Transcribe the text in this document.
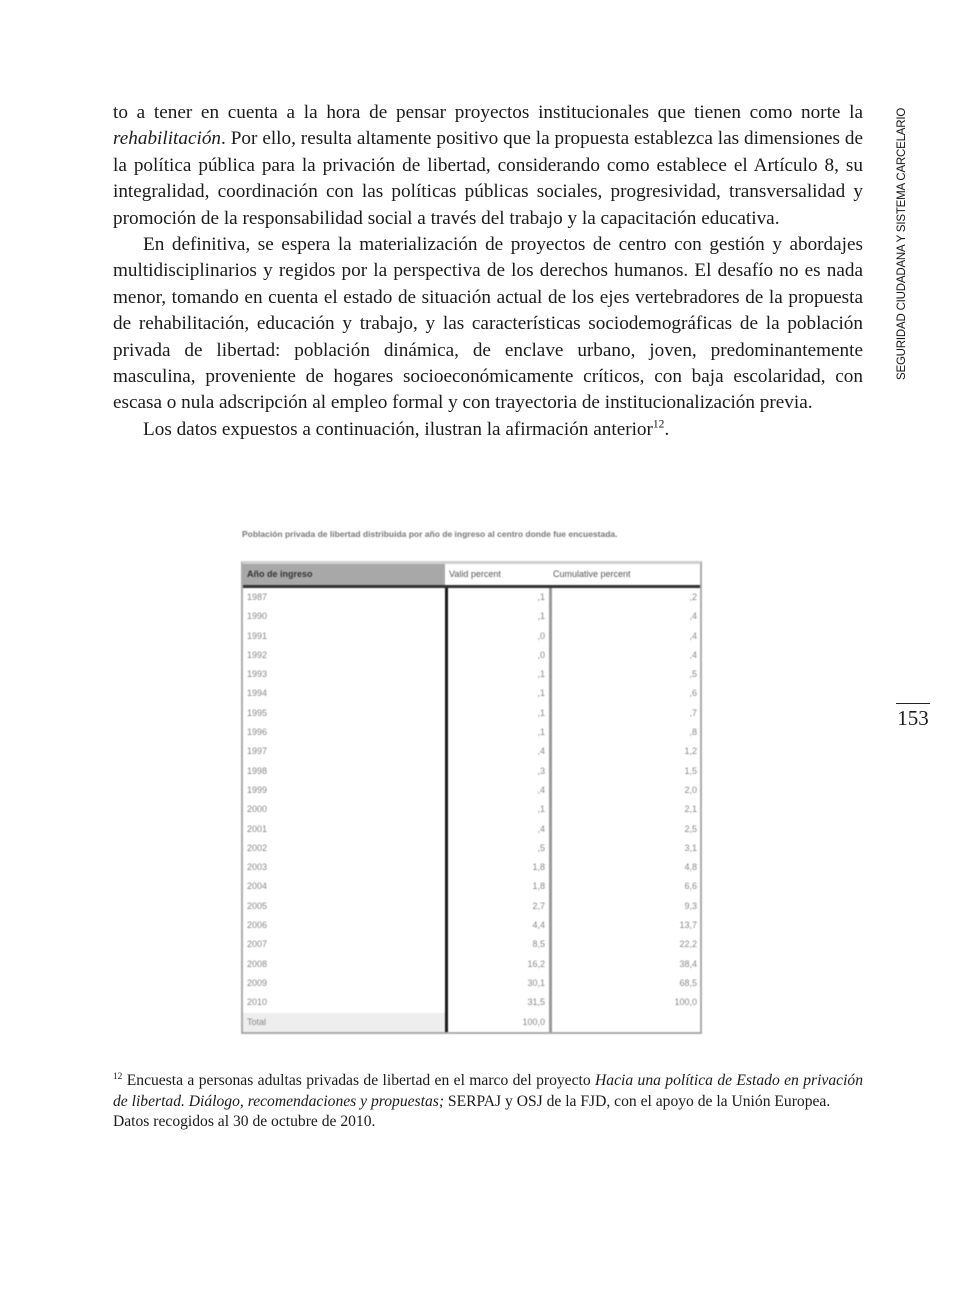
SEGURIDAD CIUDADANA Y SISTEMA CARCELARIO
153

to a tener en cuenta a la hora de pensar proyectos institucionales que tienen como norte la rehabilitación. Por ello, resulta altamente positivo que la propuesta establezca las dimensiones de la política pública para la privación de libertad, considerando como establece el Artículo 8, su integralidad, coordinación con las políticas públicas sociales, progresividad, transversalidad y promoción de la responsabilidad social a través del trabajo y la capacitación educativa.

En definitiva, se espera la materialización de proyectos de centro con gestión y abordajes multidisciplinarios y regidos por la perspectiva de los derechos humanos. El desafío no es nada menor, tomando en cuenta el estado de situación actual de los ejes vertebradores de la propuesta de rehabilitación, educación y trabajo, y las características sociodemográficas de la población privada de libertad: población dinámica, de enclave urbano, joven, predominantemente masculina, proveniente de hogares socioeconómicamente críticos, con baja escolaridad, con escasa o nula adscripción al empleo formal y con trayectoria de institucionalización previa.

Los datos expuestos a continuación, ilustran la afirmación anterior$^{12}$.

Población privada de libertad distribuida por año de ingreso al centro donde fue encuestada.
Año de ingreso	Valid percent	Cumulative percent
1987	,1	,2
1990	,1	,4
1991	,0	,4
1992	,0	,4
1993	,1	,5
1994	,1	,6
1995	,1	,7
1996	,1	,8
1997	,4	1,2
1998	,3	1,5
1999	,4	2,0
2000	,1	2,1
2001	,4	2,5
2002	,5	3,1
2003	1,8	4,8
2004	1,8	6,6
2005	2,7	9,3
2006	4,4	13,7
2007	8,5	22,2
2008	16,2	38,4
2009	30,1	68,5
2010	31,5	100,0
Total	100,0

$^{12}$ Encuesta a personas adultas privadas de libertad en el marco del proyecto Hacia una política de Estado en privación de libertad. Diálogo, recomendaciones y propuestas; SERPAJ y OSJ de la FJD, con el apoyo de la Unión Europea.

Datos recogidos al 30 de octubre de 2010.
